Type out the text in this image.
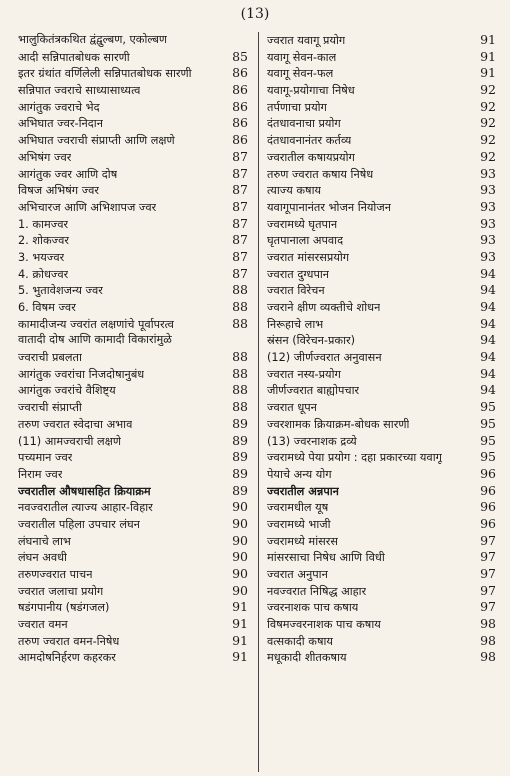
(13)
भालुकितंत्रकथित द्वंद्वुल्बण, एकोल्बण
आदी सन्निपातबोधक सारणी	85
इतर ग्रंथांत वर्णिलेली सन्निपातबोधक सारणी	86
सन्निपात ज्वराचे साध्यासाध्यत्व	86
आगंतुक ज्वराचे भेद	86
अभिघात ज्वर-निदान	86
अभिघात ज्वराची संप्राप्ती आणि लक्षणे	86
अभिषंग ज्वर	87
आगंतुक ज्वर आणि दोष	87
विषज अभिषंग ज्वर	87
अभिचारज आणि अभिशापज ज्वर	87
1. कामज्वर	87
2. शोकज्वर	87
3. भयज्वर	87
4. क्रोधज्वर	87
5. भुतावेशजन्य ज्वर	88
6. विषम ज्वर	88
कामादीजन्य ज्वरांत लक्षणांचे पूर्वापरत्व	88
वातादी दोष आणि कामादी विकारांमुळे
ज्वराची प्रबलता	88
आगंतुक ज्वरांचा निजदोषानुबंध	88
आगंतुक ज्वरांचे वैशिष्ट्य	88
ज्वराची संप्राप्ती	88
तरुण ज्वरात स्वेदाचा अभाव	89
(11) आमज्वराची लक्षणे	89
पच्यमान ज्वर	89
निराम ज्वर	89
ज्वरातील औषधासहित क्रियाक्रम	89
नवज्वरातील त्याज्य आहार-विहार	90
ज्वरातील पहिला उपचार लंघन	90
लंघनाचे लाभ	90
लंघन अवधी	90
तरुणज्वरात पाचन	90
ज्वरात जलाचा प्रयोग	90
षडंगपानीय (षडंगजल)	91
ज्वरात वमन	91
तरुण ज्वरात वमन-निषेध	91
आमदोषनिर्हरण कहरकर	91
ज्वरात यवागू प्रयोग	91
यवागू सेवन-काल	91
यवागू सेवन-फल	91
यवागू-प्रयोगाचा निषेध	92
तर्पणाचा प्रयोग	92
दंतधावनाचा प्रयोग	92
दंतधावनानंतर कर्तव्य	92
ज्वरातील कषायप्रयोग	92
तरुण ज्वरात कषाय निषेध	93
त्याज्य कषाय	93
यवागूपानानंतर भोजन नियोजन	93
ज्वरामध्ये घृतपान	93
घृतपानाला अपवाद	93
ज्वरात मांसरसप्रयोग	93
ज्वरात दुग्धपान	94
ज्वरात विरेचन	94
ज्वराने क्षीण व्यक्तीचे शोधन	94
निरूहाचे लाभ	94
स्रंसन (विरेचन-प्रकार)	94
(12) जीर्णज्वरात अनुवासन	94
ज्वरात नस्य-प्रयोग	94
जीर्णज्वरात बाह्योपचार	94
ज्वरात धूपन	95
ज्वरशामक क्रियाक्रम-बोधक सारणी	95
(13) ज्वरनाशक द्रव्ये	95
ज्वरामध्ये पेया प्रयोग : दहा प्रकारच्या यवागू	95
पेयाचे अन्य योग	96
ज्वरातील अन्नपान	96
ज्वरामधील यूष	96
ज्वरामध्ये भाजी	96
ज्वरामध्ये मांसरस	97
मांसरसाचा निषेध आणि विधी	97
ज्वरात अनुपान	97
नवज्वरात निषिद्ध आहार	97
ज्वरनाशक पाच कषाय	97
विषमज्वरनाशक पाच कषाय	98
वत्सकादी कषाय	98
मधूकादी शीतकषाय	98
